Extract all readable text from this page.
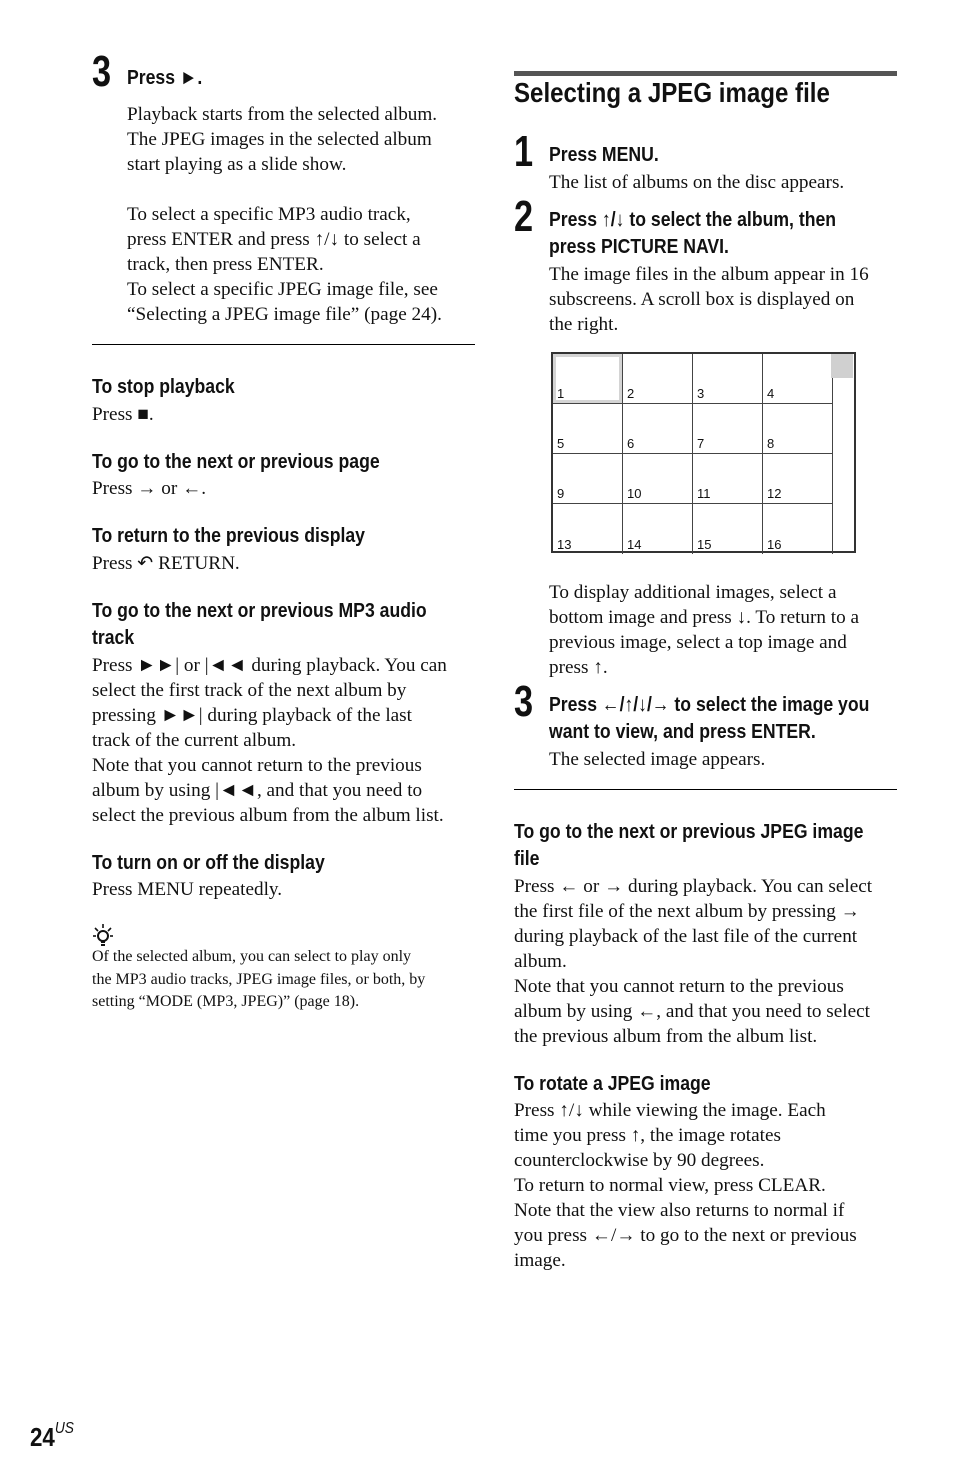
3 Press ►.

Playback starts from the selected album.

The JPEG images in the selected album

start playing as a slide show.

To select a specific MP3 audio track,

press ENTER and press ↑/↓ to select a

track, then press ENTER.

To select a specific JPEG image file, see

“Selecting a JPEG image file” (page 24).

To stop playback
Press ■.
To go to the next or previous page
Press → or ←.
To return to the previous display
Press ↶ RETURN.
To go to the next or previous MP3 audio
track

Press ►►| or |◄◄ during playback. You can

select the first track of the next album by

pressing ►►| during playback of the last

track of the current album.

Note that you cannot return to the previous

album by using |◄◄, and that you need to

select the previous album from the album list.

To turn on or off the display
Press MENU repeatedly.
Of the selected album, you can select to play only
the MP3 audio tracks, JPEG image files, or both, by
setting “MODE (MP3, JPEG)” (page 18).
Selecting a JPEG image file
1 Press MENU.
The list of albums on the disc appears.
2 Press ↑/↓ to select the album, then
press PICTURE NAVI.

The image files in the album appear in 16

subscreens. A scroll box is displayed on

the right.

1	2	3	4
5	6	7	8
9	10	11	12
13	14	15	16

To display additional images, select a

bottom image and press ↓. To return to a

previous image, select a top image and

press ↑.

3 Press ←/↑/↓/→ to select the image you
want to view, and press ENTER.
The selected image appears.
To go to the next or previous JPEG image
file

Press ← or → during playback. You can select

the first file of the next album by pressing →

during playback of the last file of the current

album.

Note that you cannot return to the previous

album by using ←, and that you need to select

the previous album from the album list.

To rotate a JPEG image

Press ↑/↓ while viewing the image. Each

time you press ↑, the image rotates

counterclockwise by 90 degrees.

To return to normal view, press CLEAR.

Note that the view also returns to normal if

you press ←/→ to go to the next or previous

image.

$24^{US}$
